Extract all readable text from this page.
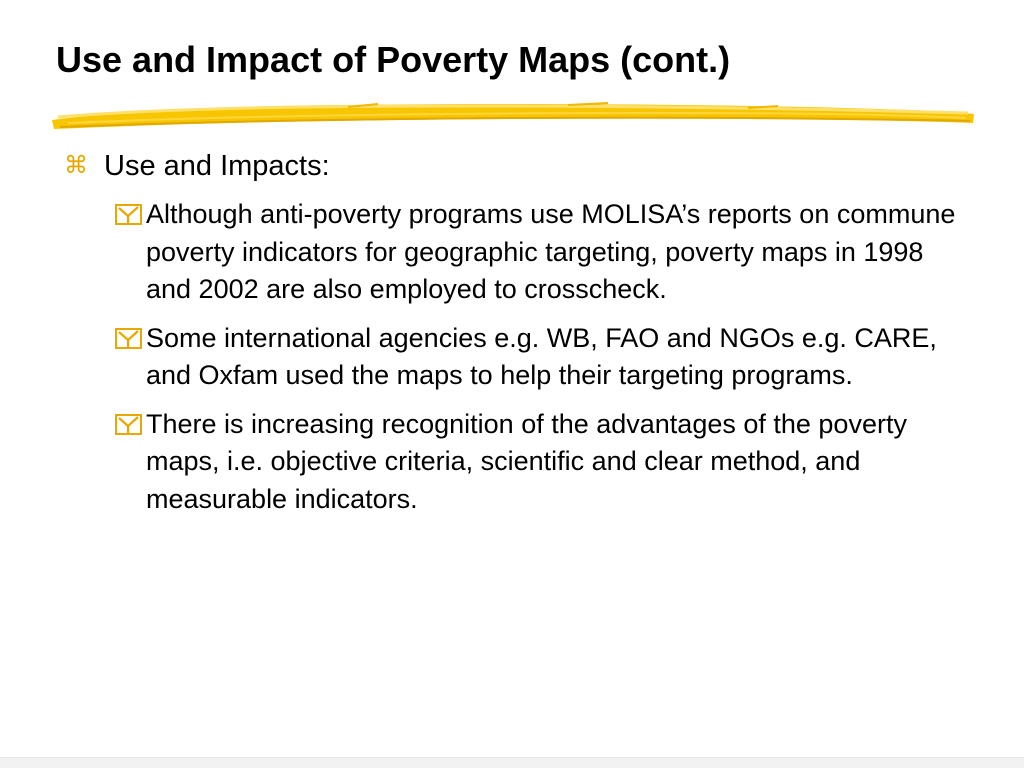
Use and Impact of Poverty Maps (cont.)
⌘ Use and Impacts:
Although anti-poverty programs use MOLISA’s reports on commune poverty indicators for geographic targeting, poverty maps in 1998 and 2002 are also employed to crosscheck.
Some international agencies e.g. WB, FAO and NGOs e.g. CARE, and Oxfam used the maps to help their targeting programs.
There is increasing recognition of the advantages of the poverty maps, i.e. objective criteria, scientific and clear method, and measurable indicators.
